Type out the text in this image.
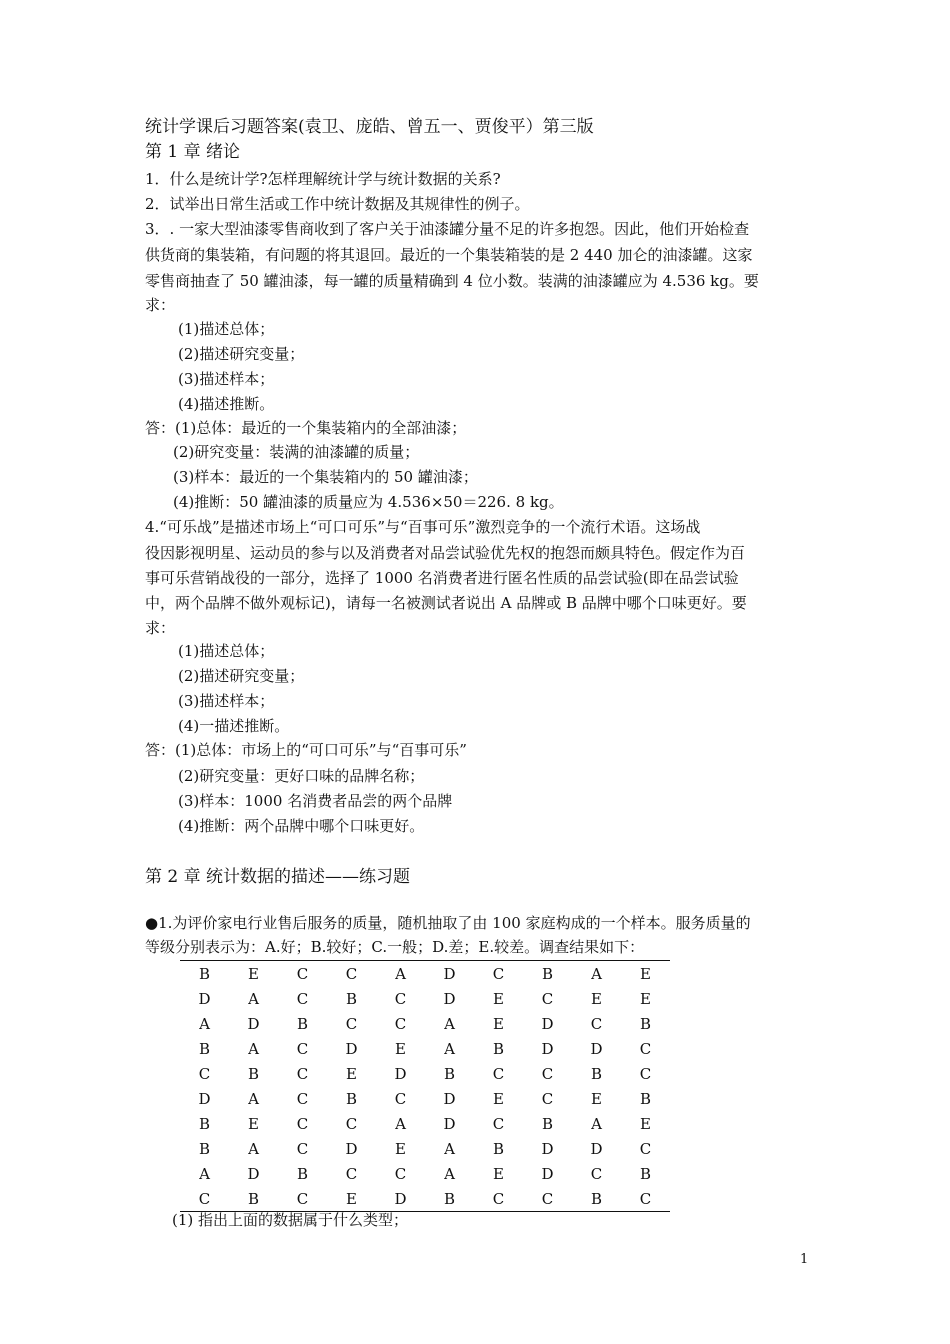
统计学课后习题答案(袁卫、庞皓、曾五一、贾俊平）第三版
第 1 章 绪论
1．什么是统计学?怎样理解统计学与统计数据的关系?
2．试举出日常生活或工作中统计数据及其规律性的例子。
3．. 一家大型油漆零售商收到了客户关于油漆罐分量不足的许多抱怨。因此，他们开始检查
供货商的集装箱，有问题的将其退回。最近的一个集装箱装的是 2 440 加仑的油漆罐。这家
零售商抽查了 50 罐油漆，每一罐的质量精确到 4 位小数。装满的油漆罐应为 4.536 kg。要
求：
(1)描述总体；
(2)描述研究变量；
(3)描述样本；
(4)描述推断。
答：(1)总体：最近的一个集装箱内的全部油漆；
(2)研究变量：装满的油漆罐的质量；
(3)样本：最近的一个集装箱内的 50 罐油漆；
(4)推断：50 罐油漆的质量应为 4.536×50＝226. 8 kg。
4.“可乐战”是描述市场上“可口可乐”与“百事可乐”激烈竞争的一个流行术语。这场战
役因影视明星、运动员的参与以及消费者对品尝试验优先权的抱怨而颇具特色。假定作为百
事可乐营销战役的一部分，选择了 1000 名消费者进行匿名性质的品尝试验(即在品尝试验
中，两个品牌不做外观标记)，请每一名被测试者说出 A 品牌或 B 品牌中哪个口味更好。要
求：
(1)描述总体；
(2)描述研究变量；
(3)描述样本；
(4)一描述推断。
答：(1)总体：市场上的“可口可乐”与“百事可乐”
(2)研究变量：更好口味的品牌名称；
(3)样本：1000 名消费者品尝的两个品牌
(4)推断：两个品牌中哪个口味更好。
第 2 章 统计数据的描述——练习题
●1.为评价家电行业售后服务的质量，随机抽取了由 100 家庭构成的一个样本。服务质量的
等级分别表示为：A.好；B.较好；C.一般；D.差；E.较差。调查结果如下：
B	E	C	C	A	D	C	B	A	E
D	A	C	B	C	D	E	C	E	E
A	D	B	C	C	A	E	D	C	B
B	A	C	D	E	A	B	D	D	C
C	B	C	E	D	B	C	C	B	C
D	A	C	B	C	D	E	C	E	B
B	E	C	C	A	D	C	B	A	E
B	A	C	D	E	A	B	D	D	C
A	D	B	C	C	A	E	D	C	B
C	B	C	E	D	B	C	C	B	C
(1) 指出上面的数据属于什么类型；
1
